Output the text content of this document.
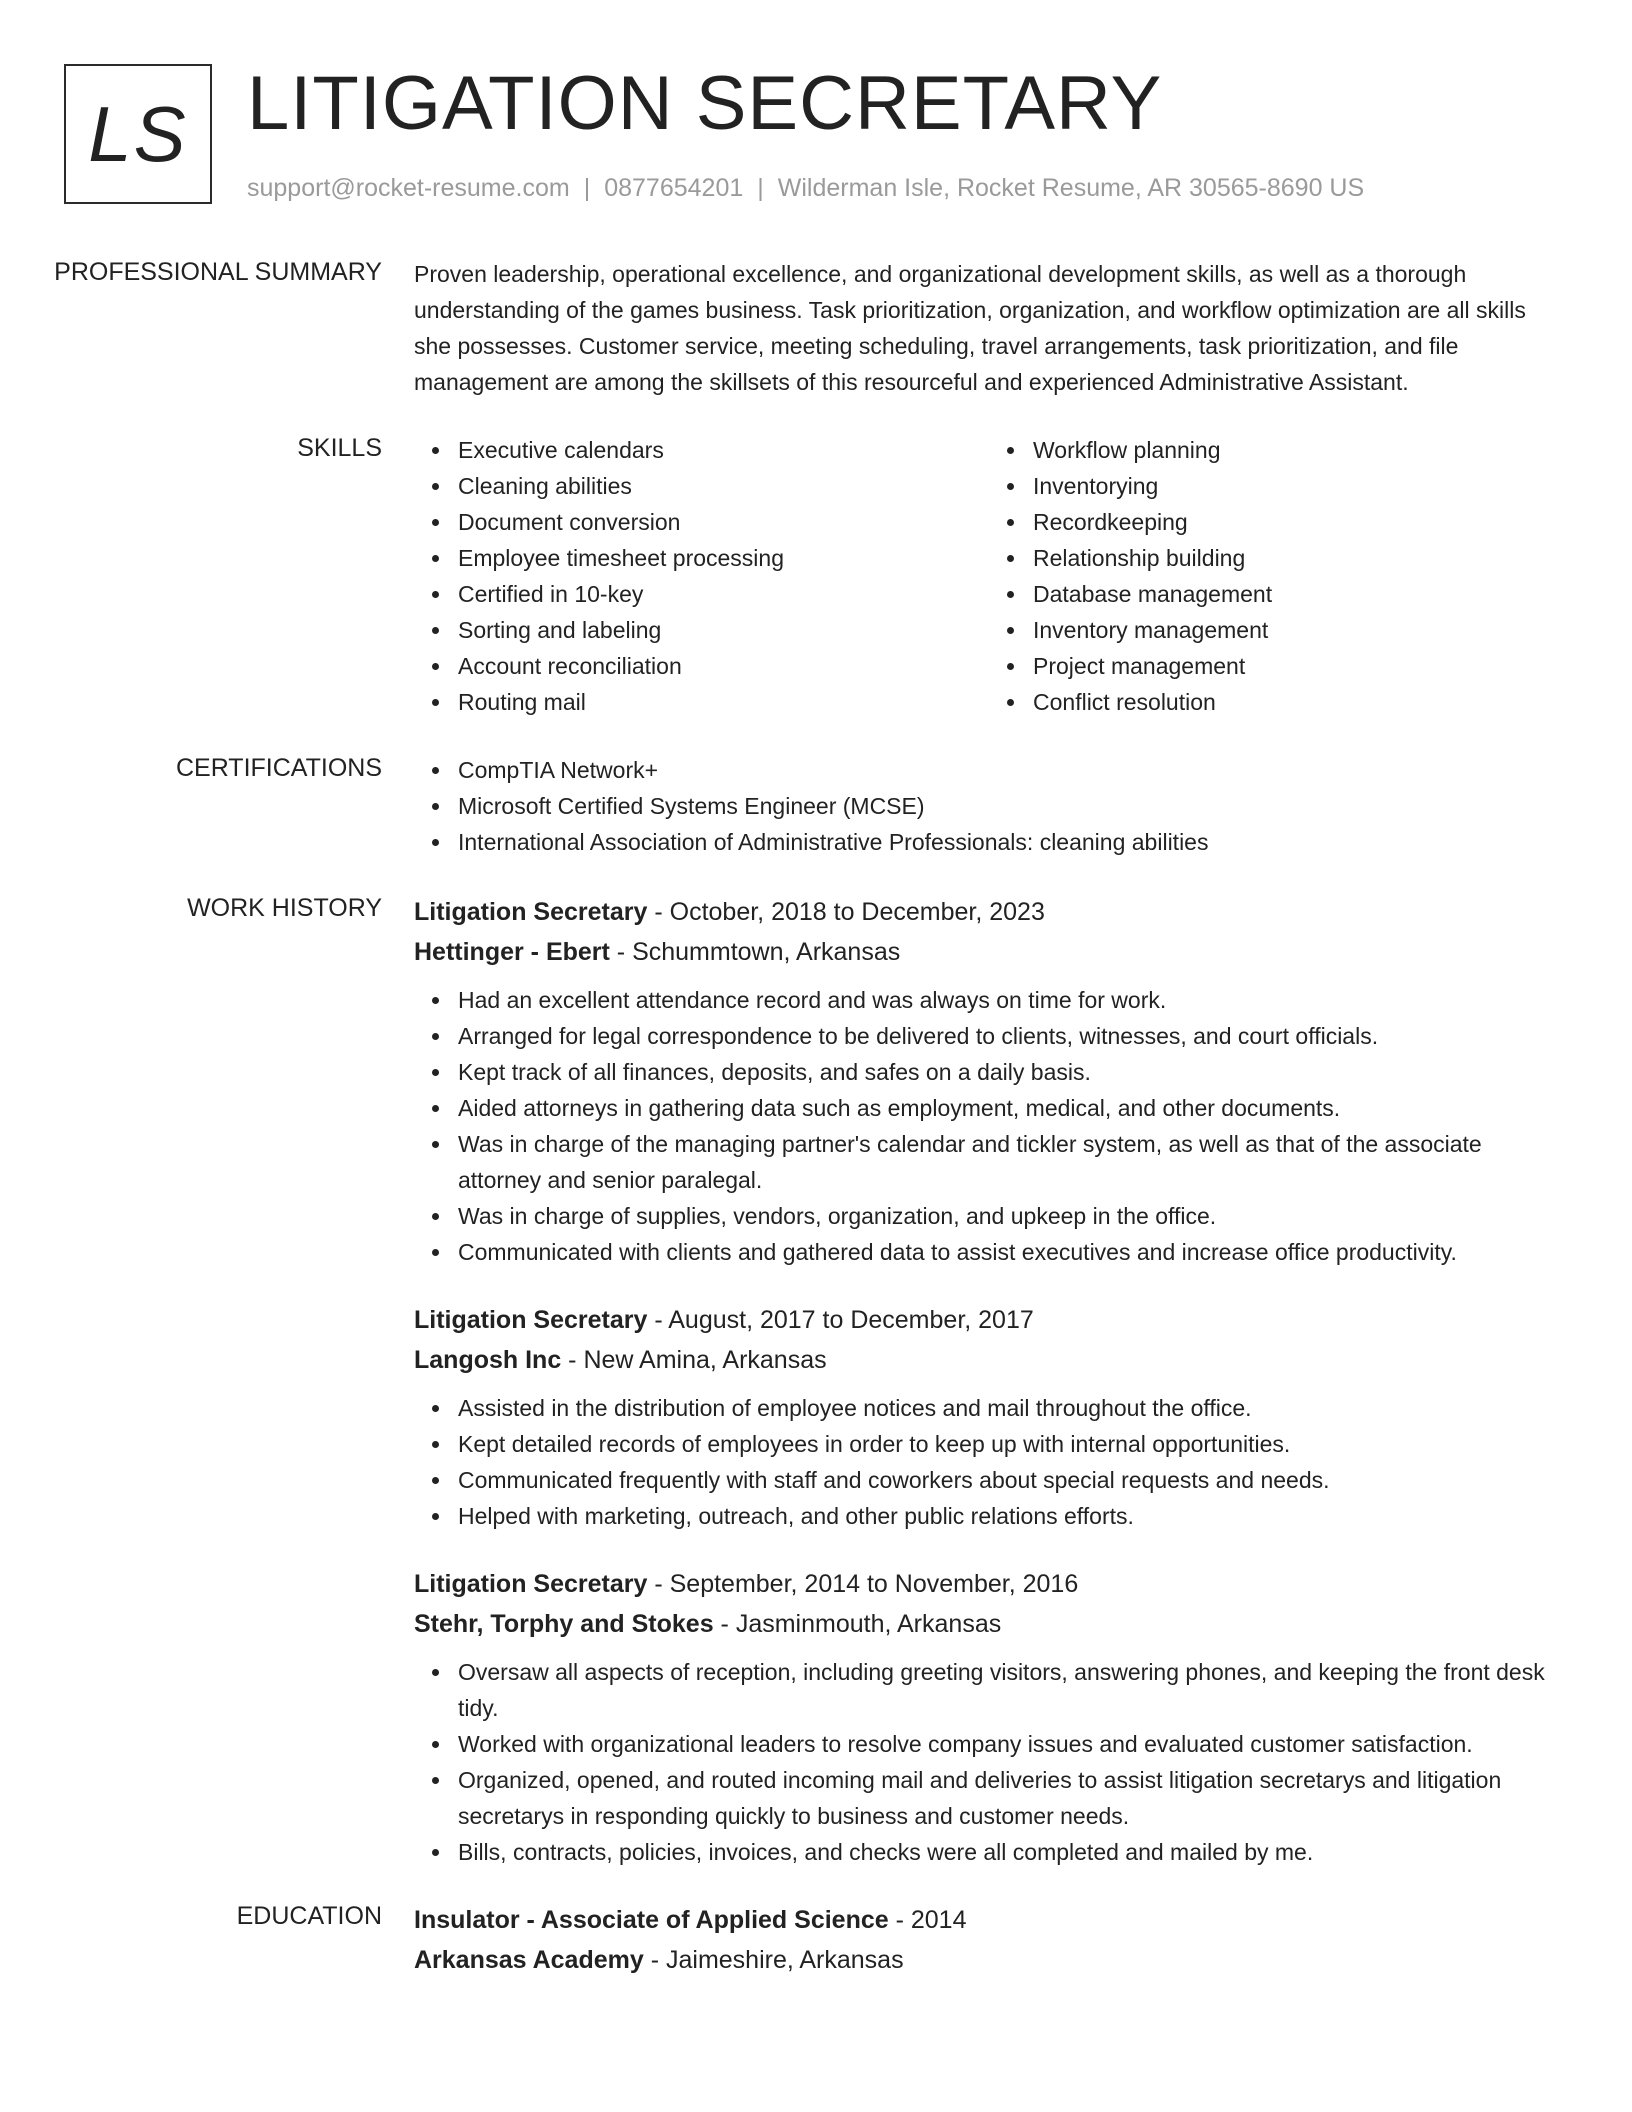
LS LITIGATION SECRETARY
support@rocket-resume.com | 0877654201 | Wilderman Isle, Rocket Resume, AR 30565-8690 US
PROFESSIONAL SUMMARY	Proven leadership, operational excellence, and organizational development skills, as well as a thorough understanding of the games business. Task prioritization, organization, and workflow optimization are all skills she possesses. Customer service, meeting scheduling, travel arrangements, task prioritization, and file management are among the skillsets of this resourceful and experienced Administrative Assistant.
SKILLS	Executive calendars
Cleaning abilities
Document conversion
Employee timesheet processing
Certified in 10-key
Sorting and labeling
Account reconciliation
Routing mail
Workflow planning
Inventorying
Recordkeeping
Relationship building
Database management
Inventory management
Project management
Conflict resolution
CERTIFICATIONS	CompTIA Network+
Microsoft Certified Systems Engineer (MCSE)
International Association of Administrative Professionals: cleaning abilities
WORK HISTORY	Litigation Secretary - October, 2018 to December, 2023
Hettinger - Ebert - Schummtown, Arkansas
Had an excellent attendance record and was always on time for work.
Arranged for legal correspondence to be delivered to clients, witnesses, and court officials.
Kept track of all finances, deposits, and safes on a daily basis.
Aided attorneys in gathering data such as employment, medical, and other documents.
Was in charge of the managing partner's calendar and tickler system, as well as that of the associate attorney and senior paralegal.
Was in charge of supplies, vendors, organization, and upkeep in the office.
Communicated with clients and gathered data to assist executives and increase office productivity.
Litigation Secretary - August, 2017 to December, 2017
Langosh Inc - New Amina, Arkansas
Assisted in the distribution of employee notices and mail throughout the office.
Kept detailed records of employees in order to keep up with internal opportunities.
Communicated frequently with staff and coworkers about special requests and needs.
Helped with marketing, outreach, and other public relations efforts.
Litigation Secretary - September, 2014 to November, 2016
Stehr, Torphy and Stokes - Jasminmouth, Arkansas
Oversaw all aspects of reception, including greeting visitors, answering phones, and keeping the front desk tidy.
Worked with organizational leaders to resolve company issues and evaluated customer satisfaction.
Organized, opened, and routed incoming mail and deliveries to assist litigation secretarys and litigation secretarys in responding quickly to business and customer needs.
Bills, contracts, policies, invoices, and checks were all completed and mailed by me.
EDUCATION	Insulator - Associate of Applied Science - 2014
Arkansas Academy - Jaimeshire, Arkansas
